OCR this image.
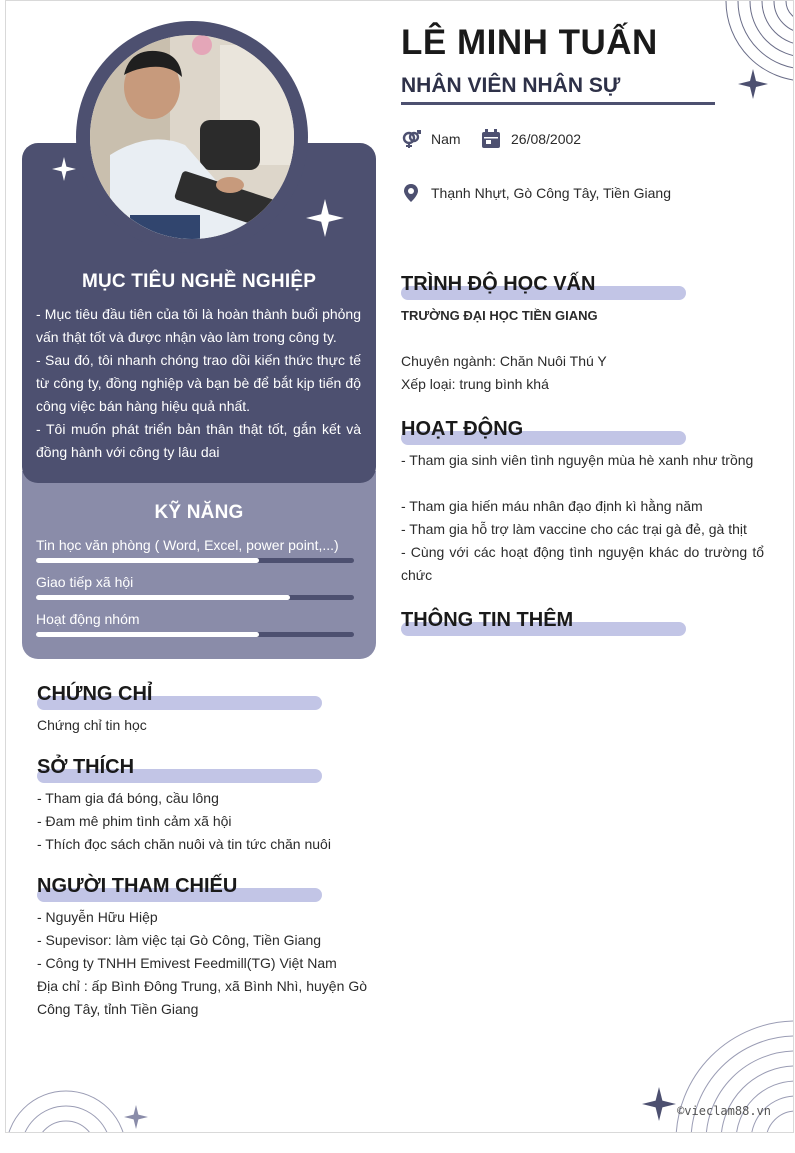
MỤC TIÊU NGHỀ NGHIỆP

- Mục tiêu đầu tiên của tôi là hoàn thành buổi phỏng vấn thật tốt và được nhận vào làm trong công ty.

- Sau đó, tôi nhanh chóng trao dồi kiến thức thực tế từ công ty, đồng nghiệp và bạn bè để bắt kịp tiến độ công việc bán hàng hiệu quả nhất.

- Tôi muốn phát triển bản thân thật tốt, gắn kết và đồng hành với công ty lâu dai

KỸ NĂNG
Tin học văn phòng ( Word, Excel, power point,...)
Giao tiếp xã hội
Hoạt động nhóm
CHỨNG CHỈ

Chứng chỉ tin học

SỞ THÍCH

- Tham gia đá bóng, cầu lông

- Đam mê phim tình cảm xã hội

- Thích đọc sách chăn nuôi và tin tức chăn nuôi

NGƯỜI THAM CHIẾU

- Nguyễn Hữu Hiệp

- Supevisor: làm việc tại Gò Công, Tiền Giang

- Công ty TNHH Emivest Feedmill(TG) Việt Nam

Địa chỉ : ấp Bình Đông Trung, xã Bình Nhì, huyện Gò Công Tây, tỉnh Tiền Giang

LÊ MINH TUẤN
NHÂN VIÊN NHÂN SỰ
Nam	26/08/2002
Thạnh Nhựt, Gò Công Tây, Tiền Giang
TRÌNH ĐỘ HỌC VẤN
TRƯỜNG ĐẠI HỌC TIỀN GIANG

Chuyên ngành: Chăn Nuôi Thú Y

Xếp loại: trung bình khá

HOẠT ĐỘNG

- Tham gia sinh viên tình nguyện mùa hè xanh như trồng

- Tham gia hiến máu nhân đạo định kì hằng năm

- Tham gia hỗ trợ làm vaccine cho các trại gà đẻ, gà thịt

- Cùng với các hoạt động tình nguyện khác do trường tổ chức

THÔNG TIN THÊM
©vieclam88.vn
